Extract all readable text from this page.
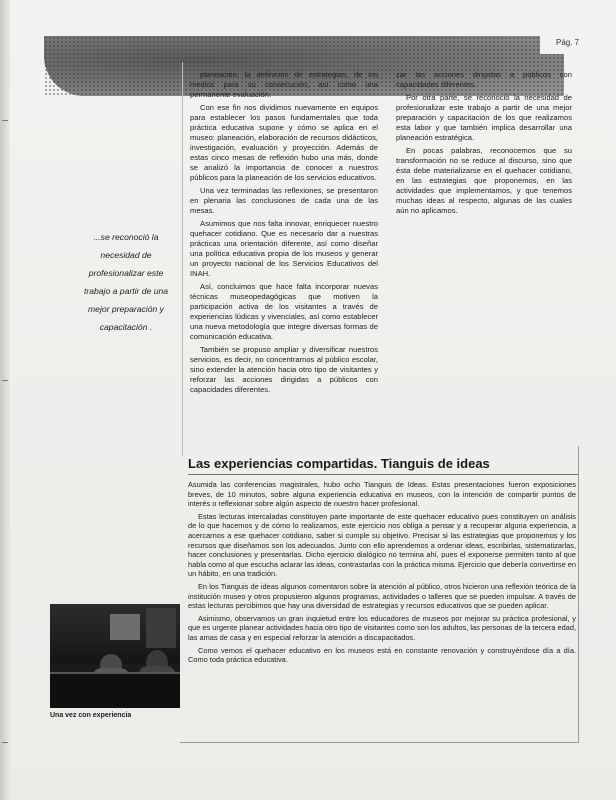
Pág. 7
...se reconoció la necesidad de profesionalizar este trabajo a partir de una mejor preparación y capacitación .

planeación, la definición de estrategias, de los medios para su consecución, así como una permanente evaluación.

Con ese fin nos dividimos nuevamente en equipos para establecer los pasos fundamentales que toda práctica educativa supone y cómo se aplica en el museo: planeación, elaboración de recursos didácticos, investigación, evaluación y proyección. Además de estas cinco mesas de reflexión hubo una más, donde se analizó la importancia de conocer a nuestros públicos para la planeación de los servicios educativos.

Una vez terminadas las reflexiones, se presentaron en plenaria las conclusiones de cada una de las mesas.

Asumimos que nos falta innovar, enriquecer nuestro quehacer cotidiano. Que es necesario dar a nuestras prácticas una orientación diferente, así como diseñar una política educativa propia de los museos y generar un proyecto nacional de los Servicios Educativos del INAH.

Así, concluimos que hace falta incorporar nuevas técnicas museopedagógicas que motiven la participación activa de los visitantes a través de experiencias lúdicas y vivenciales, así como establecer una nueva metodología que integre diversas formas de comunicación educativa.

También se propuso ampliar y diversificar nuestros servicios, es decir, no concentrarnos al público escolar, sino extender la atención hacia otro tipo de visitantes y reforzar las acciones dirigidas a públicos con capacidades diferentes.

zar las acciones dirigidas a públicos con capacidades diferentes.

Por otra parte, se reconoció la necesidad de profesionalizar este trabajo a partir de una mejor preparación y capacitación de los que realizamos esta labor y que también implica desarrollar una planeación estratégica.

En pocas palabras, reconocemos que su transformación no se reduce al discurso, sino que ésta debe materializarse en el quehacer cotidiano, en las estrategias que proponemos, en las actividades que implementamos, y que tenemos muchas ideas al respecto, algunas de las cuales aún no aplicamos.

Las experiencias compartidas. Tianguis de ideas

Asumida las conferencias magistrales, hubo ocho Tianguis de Ideas. Estas presentaciones fueron exposiciones breves, de 10 minutos, sobre alguna experiencia educativa en museos, con la intención de compartir puntos de interés o reflexionar sobre algún aspecto de nuestro hacer profesional.

Estas lecturas intercaladas constituyen parte importante de este quehacer educativo pues constituyen un análisis de lo que hacemos y de cómo lo realizamos, este ejercicio nos obliga a pensar y a recuperar alguna experiencia, a acercarnos a ese quehacer cotidiano, saber si cumple su objetivo. Precisar si las estrategias que proponemos y los recursos que diseñamos son los adecuados. Junto con ello aprendemos a ordenar ideas, escribirlas, sistematizarlas, hacer conclusiones y presentarlas. Dicho ejercicio dialógico no termina ahí, pues el exponerse permiten tanto al que habla como al que escucha aclarar las ideas, contrastarlas con la práctica misma. Ejercicio que debería convertirse en un hábito, en una tradición.

En los Tianguis de ideas algunos comentaron sobre la atención al público, otros hicieron una reflexión teórica de la institución museo y otros propusieron algunos programas, actividades o talleres que se pueden impulsar. A través de estas lecturas percibimos que hay una diversidad de estrategias y recursos educativos que se pueden aplicar.

Asimismo, observamos un gran inquietud entre los educadores de museos por mejorar su práctica profesional, y que es urgente planear actividades hacia otro tipo de visitantes como son los adultos, las personas de la tercera edad, las amas de casa y en especial reforzar la atención a discapacitados.

Como vemos el quehacer educativo en los museos está en constante renovación y construyéndose día a día. Como toda práctica educativa.

Una vez con experiencia
